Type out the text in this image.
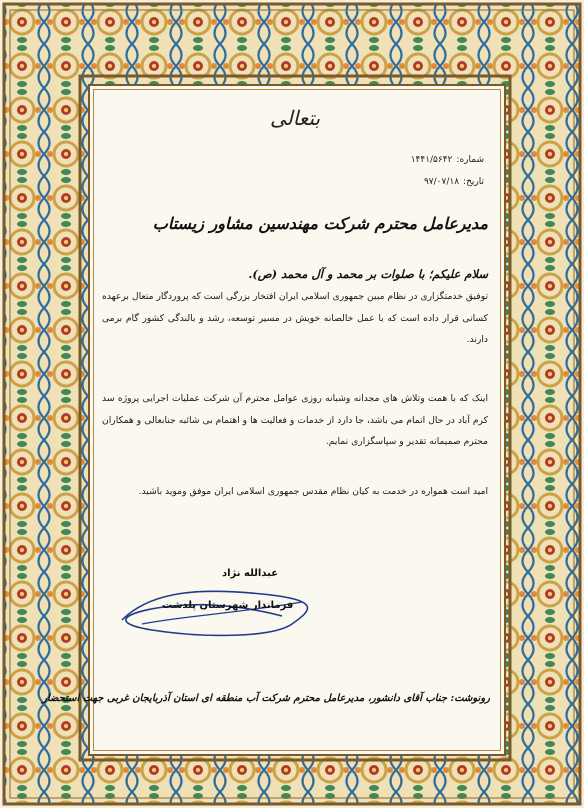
بتعالی
شماره:۱۴۴۱/۵۶۴۲
تاریخ:۹۷/۰۷/۱۸
مدیرعامل محترم شرکت مهندسین مشاور زیستاب
سلام علیکم؛ با صلوات بر محمد و آل محمد (ص).
توفیق خدمتگزاری در نظام مبین جمهوری اسلامی ایران افتخار بزرگی است که پروردگار متعال برعهده کسانی قرار داده است که با عمل خالصانه خویش در مسیر توسعه، رشد و بالندگی کشور گام برمی دارند.
اینک که با همت وتلاش های مجدانه وشبانه روزی عوامل محترم آن شرکت عملیات اجرایی پروژه سد کرم آباد در حال اتمام می باشد، جا دارد از خدمات و فعالیت ها و اهتمام بی شائبه جنابعالی و همکاران محترم صمیمانه تقدیر و سپاسگزاری نمایم.
امید است همواره در خدمت به کیان نظام مقدس جمهوری اسلامی ایران موفق وموید باشید.
عبدالله نژاد
فرماندار شهرستان پلدشت
رونوشت: جناب آقای دانشور، مدیرعامل محترم شرکت آب منطقه ای استان آذربایجان غربی جهت استحضار
